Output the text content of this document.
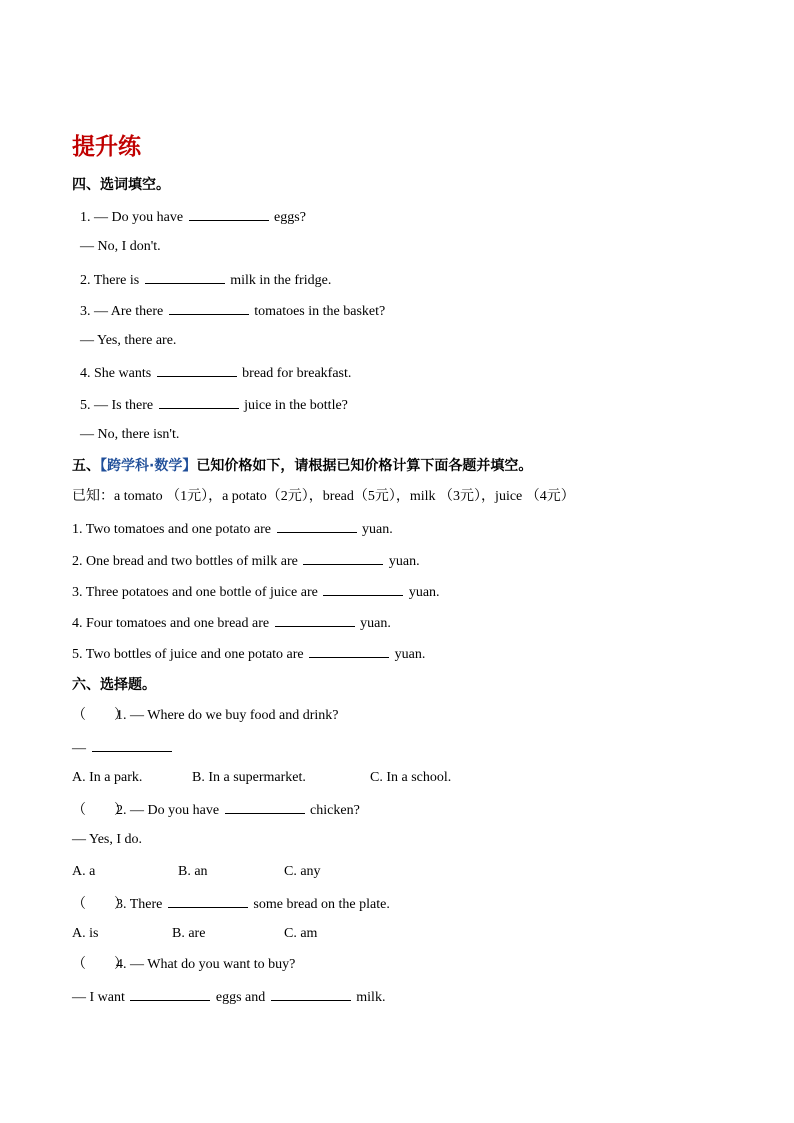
提升练
四、选词填空。
1. — Do you have	eggs?
— No, I don't.
2. There is	milk in the fridge.
3. — Are there	tomatoes in the basket?
— Yes, there are.
4. She wants	bread for breakfast.
5. — Is there	juice in the bottle?
— No, there isn't.
五、【跨学科·数学】已知价格如下，请根据已知价格计算下面各题并填空。
已知：a tomato （1元），a potato（2元），bread（5元），milk （3元），juice （4元）
1. Two tomatoes and one potato are	yuan.
2. One bread and two bottles of milk are	yuan.
3. Three potatoes and one bottle of juice are	yuan.
4. Four tomatoes and one bread are	yuan.
5. Two bottles of juice and one potato are	yuan.
六、选择题。
（　　）1. — Where do we buy food and drink?
—
A. In a park.	B. In a supermarket.	C. In a school.
（　　）2. — Do you have	chicken?
— Yes, I do.
A. a	B. an	C. any
（　　）3. There	some bread on the plate.
A. is	B. are	C. am
（　　）4. — What do you want to buy?
— I want	eggs and	milk.
